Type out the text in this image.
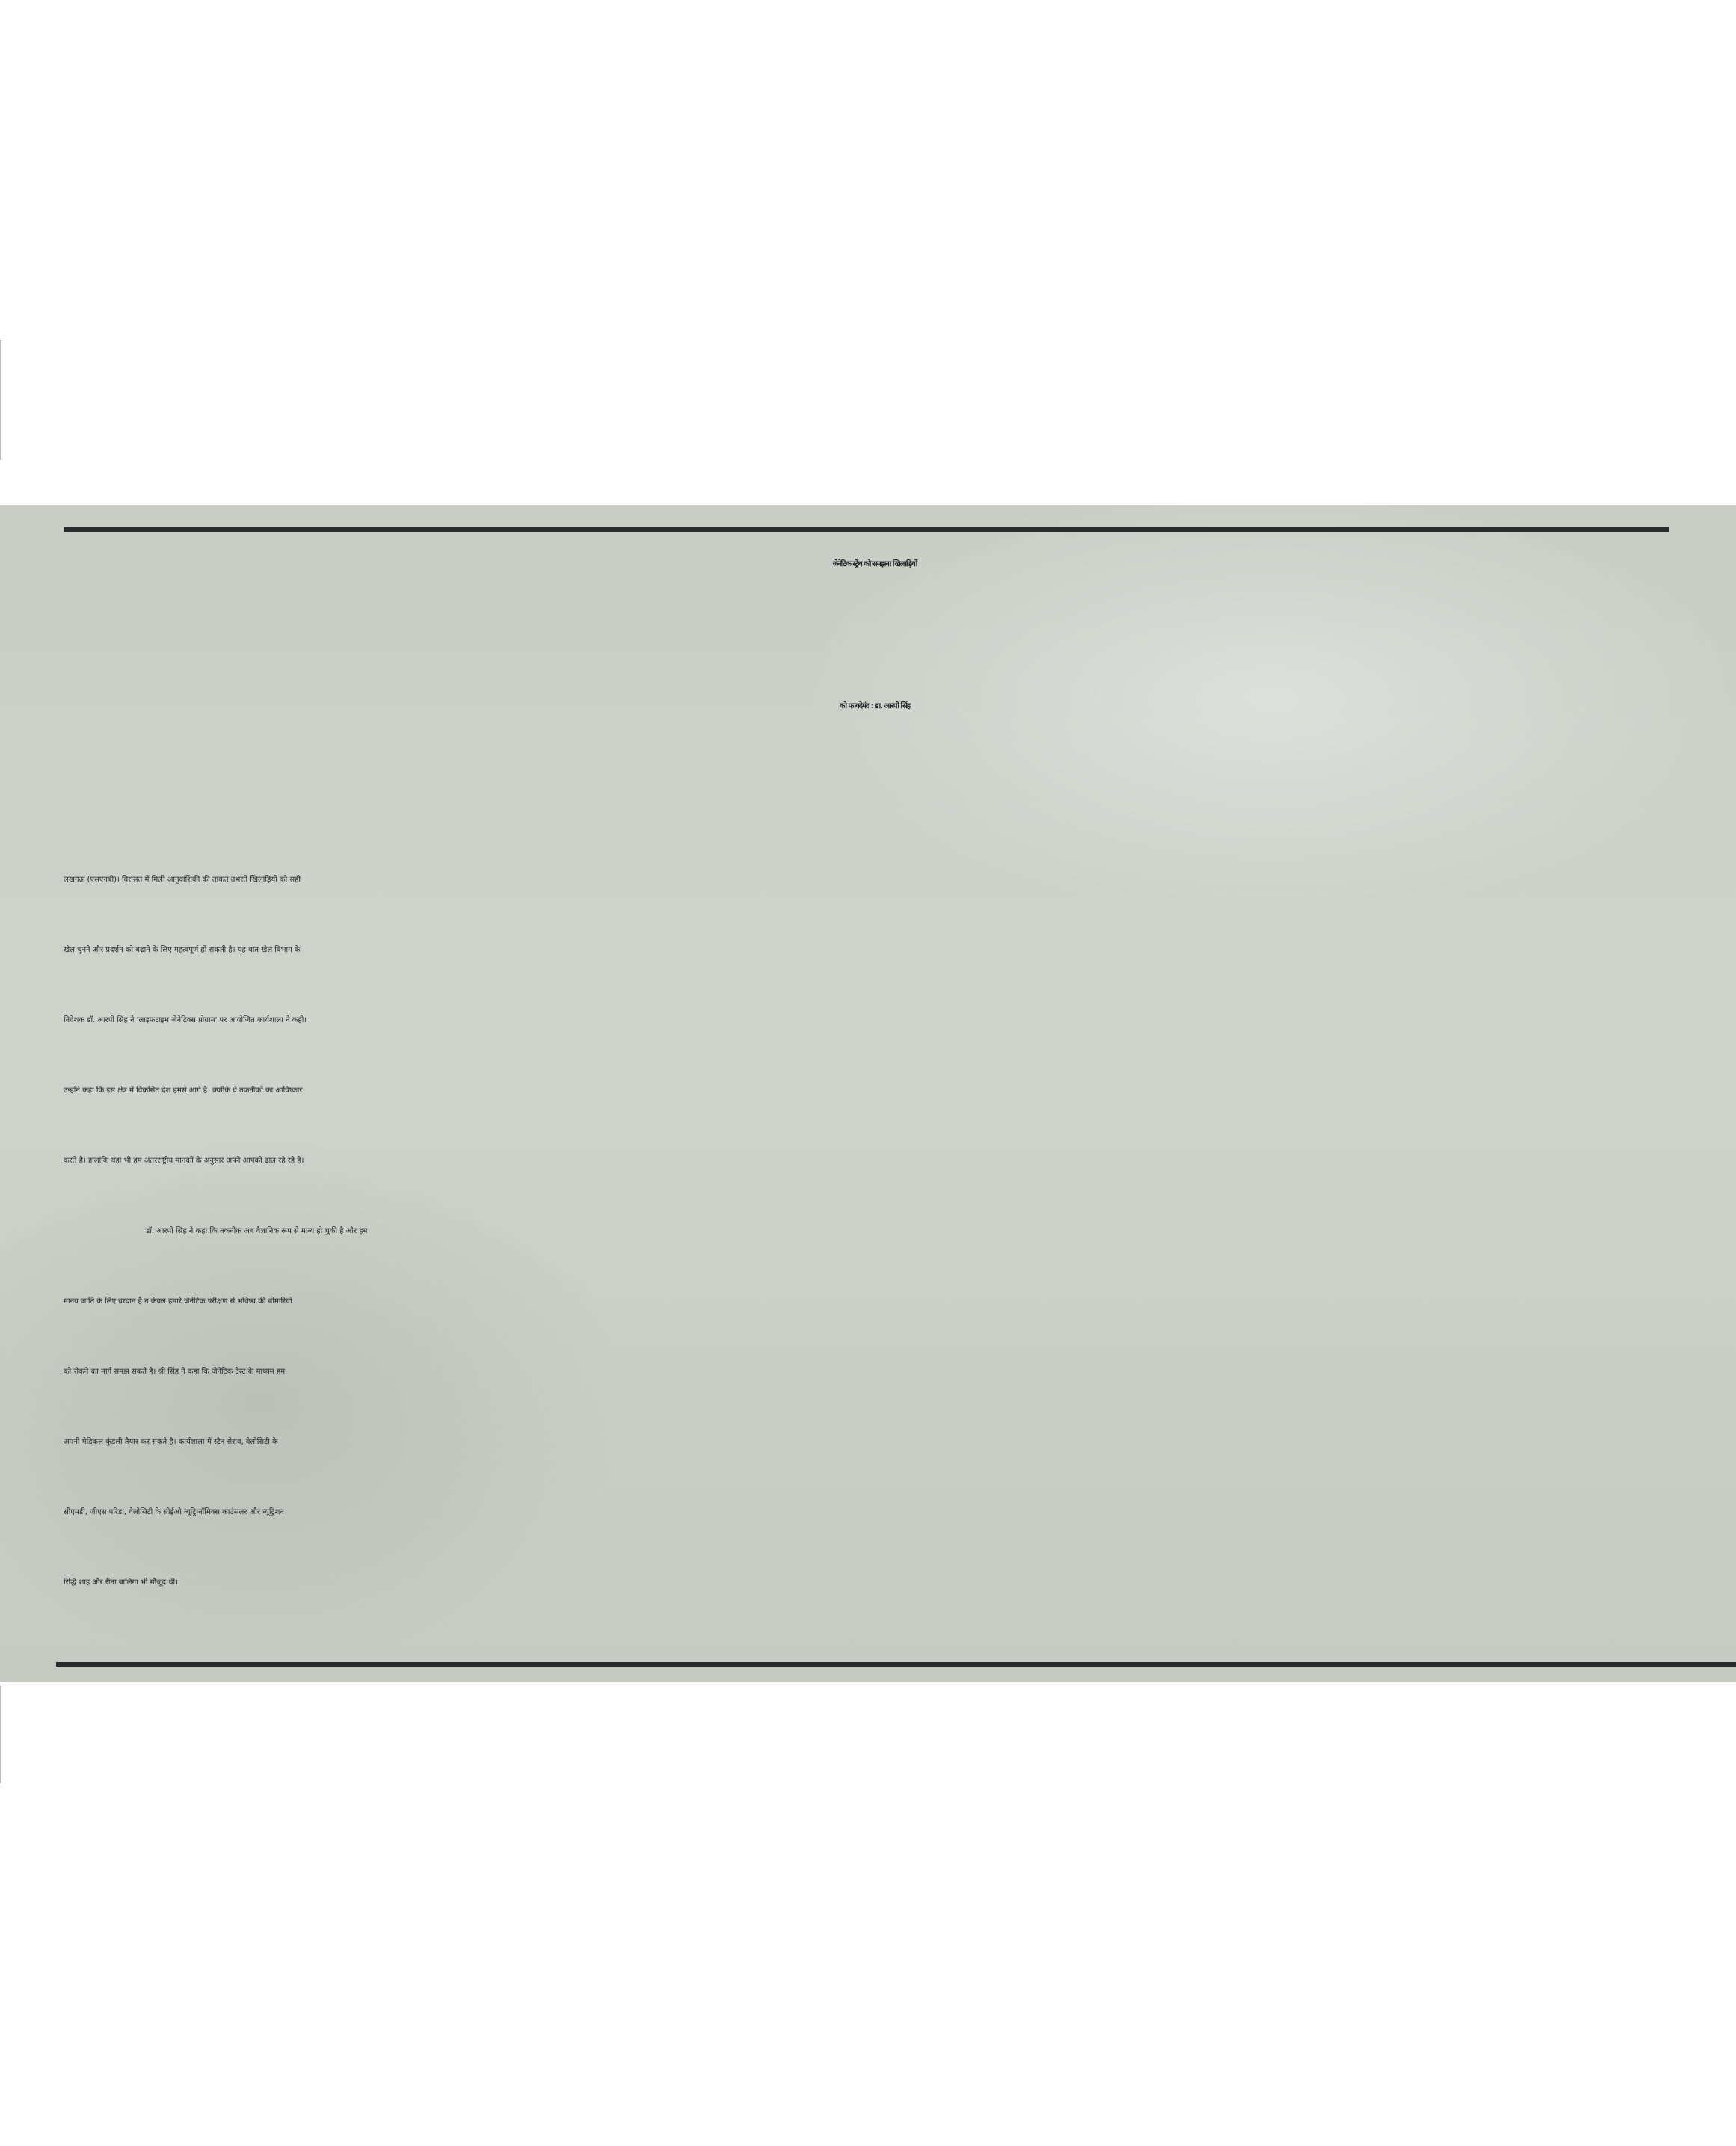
जेनेटिक स्ट्रेंथ को समझना खिलाड़ियों
को फायदेमंद : डा. आरपी सिंह
लखनऊ (एसएनबी)। विरासत में मिली आनुवांशिकी की ताकत उभरते खिलाड़ियों को सही
खेल चुनने और प्रदर्शन को बढ़ाने के लिए महत्वपूर्ण हो सकती है। यह बात खेल विभाग के
निदेशक डॉ. आरपी सिंह ने 'लाइफटाइम जेनेटिक्स प्रोग्राम' पर आयोजित कार्यशाला ने कही।
उन्होंने कहा कि इस क्षेत्र में विकसित देश हमसे आगे है। क्योंकि वे तकनीकों का आविष्कार
करते है। हालांकि यहां भी हम अंतरराष्ट्रीय मानकों के अनुसार अपने आपको ढाल रहे रहे है।
डॉ. आरपी सिंह ने कहा कि तकनीक अब वैज्ञानिक रूप से मान्य हो चुकी है और हम
मानव जाति के लिए वरदान है न केवल हमारे जेनेटिक परीक्षण से भविष्य की बीमारियों
को रोकने का मार्ग समझ सकते है। श्री सिंह ने कहा कि जेनेटिक टेस्ट के माध्यम हम
अपनी मेडिकल कुंडली तैयार कर सकते है। कार्यशाला में स्टैन सेराव, वेलोसिटी के
सीएमडी, जीएस परिडा, वेलोसिटी के सीईओ न्यूट्रिग्नॉमिक्स काउंसलर और न्यूट्रिशन
रिद्धि शाह और रीना बालिगा भी मौजूद थी।
